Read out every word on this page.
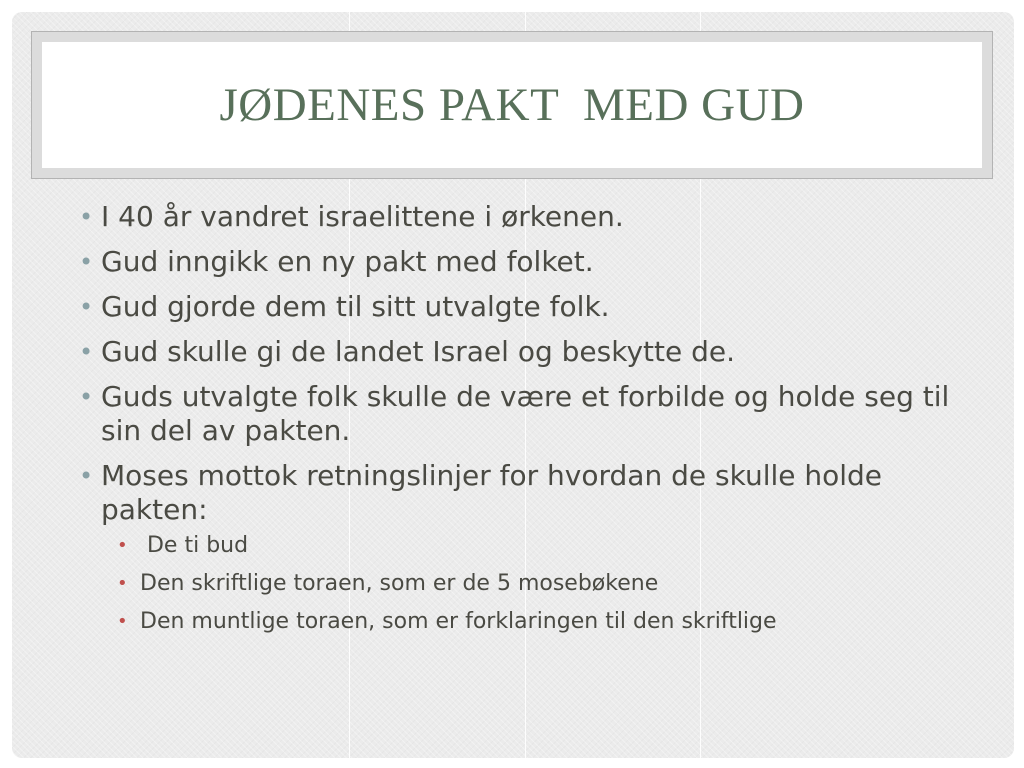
JØDENES PAKT  MED GUD
• I 40 år vandret israelittene i ørkenen.
• Gud inngikk en ny pakt med folket.
• Gud gjorde dem til sitt utvalgte folk.
• Gud skulle gi de landet Israel og beskytte de.
• Guds utvalgte folk skulle de være et forbilde og holde seg til sin del av pakten.
• Moses mottok retningslinjer for hvordan de skulle holde pakten:
• De ti bud
• Den skriftlige toraen, som er de 5 mosebøkene
• Den muntlige toraen, som er forklaringen til den skriftlige
